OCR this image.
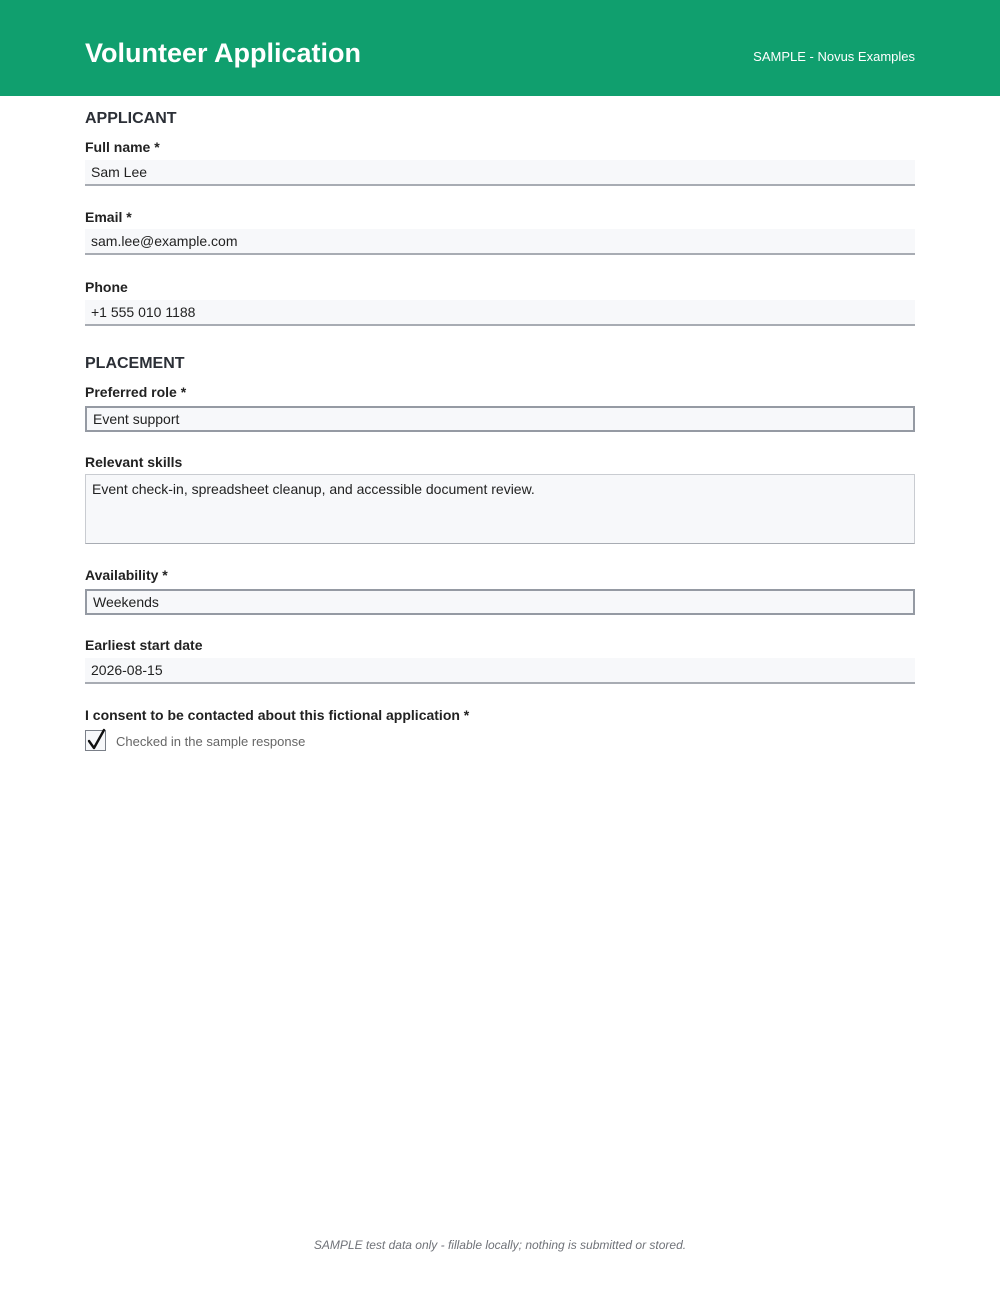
Volunteer Application	SAMPLE - Novus Examples
APPLICANT
Full name *
Sam Lee
Email *
sam.lee@example.com
Phone
+1 555 010 1188
PLACEMENT
Preferred role *
Event support
Relevant skills
Event check-in, spreadsheet cleanup, and accessible document review.
Availability *
Weekends
Earliest start date
2026-08-15
I consent to be contacted about this fictional application *
Checked in the sample response
SAMPLE test data only - fillable locally; nothing is submitted or stored.
